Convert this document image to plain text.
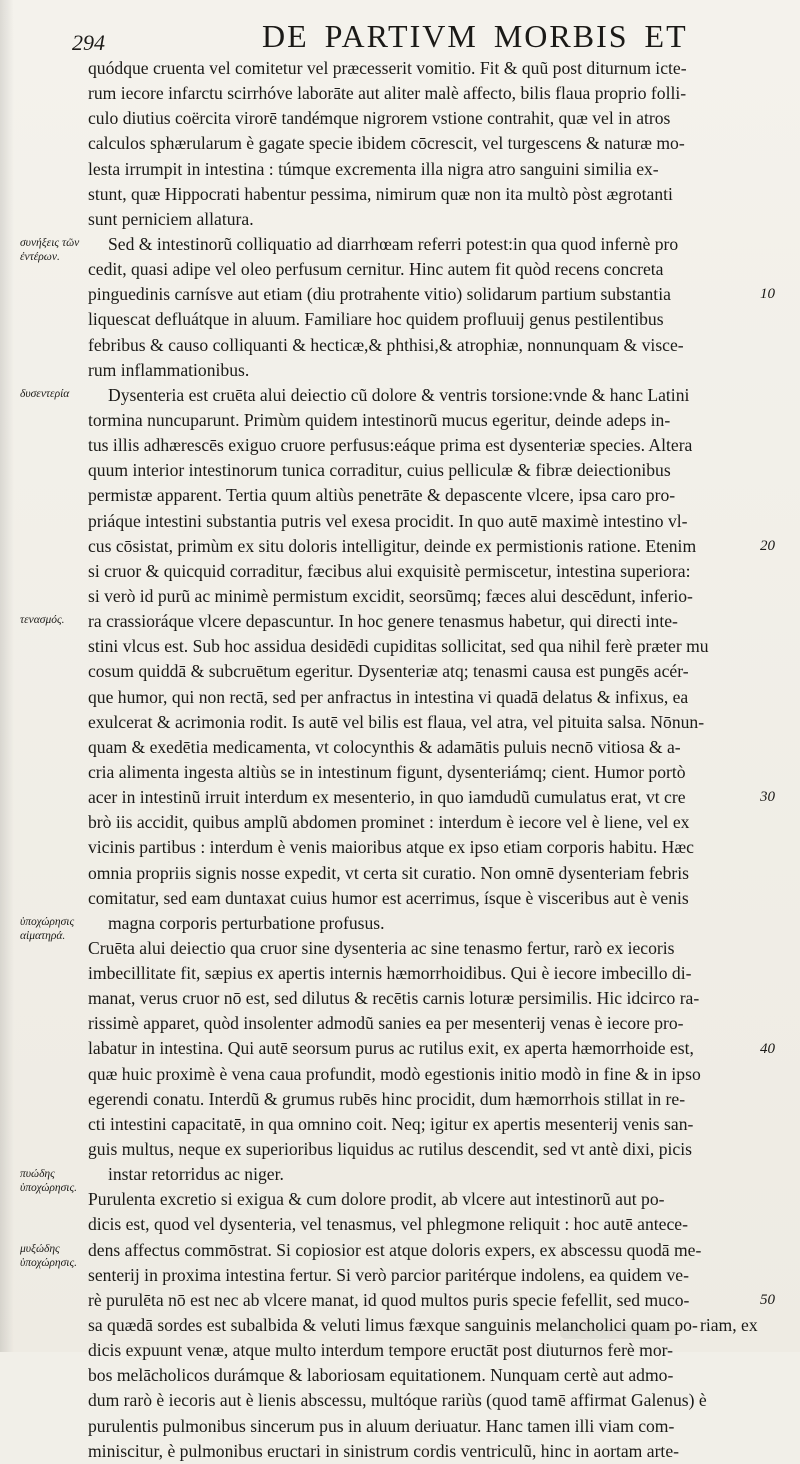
294	DE PARTIVM MORBIS ET
συνήξεις τῶν ἐντέρων.
δυσεντερία
τενασμός.
ὑποχώρησις αἱματηρά.
πυώδης ὑποχώρησις.
μυξώδης ὑποχώρησις.
quódque cruenta vel comitetur vel præcesserit vomitio. Fit & quũ post diturnum icte-
rum iecore infarctu scirrhóve laborāte aut aliter malè affecto, bilis flaua proprio folli-
culo diutius coërcita virorē tandémque nigrorem vstione contrahit, quæ vel in atros
calculos sphærularum è gagate specie ibidem cōcrescit, vel turgescens & naturæ mo-
lesta irrumpit in intestina : túmque excrementa illa nigra atro sanguini similia ex-
stunt, quæ Hippocrati habentur pessima, nimirum quæ non ita multò pòst ægrotanti
sunt perniciem allatura.
Sed & intestinorũ colliquatio ad diarrhœam referri potest:in qua quod infernè pro
cedit, quasi adipe vel oleo perfusum cernitur. Hinc autem fit quòd recens concreta
pinguedinis carnísve aut etiam (diu protrahente vitio) solidarum partium substantia
liquescat defluátque in aluum. Familiare hoc quidem profluuij genus pestilentibus
febribus & causo colliquanti & hecticæ,& phthisi,& atrophiæ, nonnunquam & visce-
rum inflammationibus.
Dysenteria est cruēta alui deiectio cũ dolore & ventris torsione:vnde & hanc Latini
tormina nuncuparunt. Primùm quidem intestinorũ mucus egeritur, deinde adeps in-
tus illis adhærescēs exiguo cruore perfusus:eáque prima est dysenteriæ species. Altera
quum interior intestinorum tunica corraditur, cuius pelliculæ & fibræ deiectionibus
permistæ apparent. Tertia quum altiùs penetrāte & depascente vlcere, ipsa caro pro-
priáque intestini substantia putris vel exesa procidit. In quo autē maximè intestino vl-
cus cōsistat, primùm ex situ doloris intelligitur, deinde ex permistionis ratione. Etenim
si cruor & quicquid corraditur, fæcibus alui exquisitè permiscetur, intestina superiora:
si verò id purũ ac minimè permistum excidit, seorsũmq; fæces alui descēdunt, inferio-
ra crassioráque vlcere depascuntur. In hoc genere tenasmus habetur, qui directi inte-
stini vlcus est. Sub hoc assidua desidēdi cupiditas sollicitat, sed qua nihil ferè præter mu
cosum quiddā & subcruētum egeritur. Dysenteriæ atq; tenasmi causa est pungēs acér-
que humor, qui non rectā, sed per anfractus in intestina vi quadā delatus & infixus, ea
exulcerat & acrimonia rodit. Is autē vel bilis est flaua, vel atra, vel pituita salsa. Nōnun-
quam & exedētia medicamenta, vt colocynthis & adamātis puluis necnō vitiosa & a-
cria alimenta ingesta altiùs se in intestinum figunt, dysenteriámq; cient. Humor portò
acer in intestinũ irruit interdum ex mesenterio, in quo iamdudũ cumulatus erat, vt cre
brò iis accidit, quibus amplũ abdomen prominet : interdum è iecore vel è liene, vel ex
vicinis partibus : interdum è venis maioribus atque ex ipso etiam corporis habitu. Hæc
omnia propriis signis nosse expedit, vt certa sit curatio. Non omnē dysenteriam febris
comitatur, sed eam duntaxat cuius humor est acerrimus, ísque è visceribus aut è venis
magna corporis perturbatione profusus.
Cruēta alui deiectio qua cruor sine dysenteria ac sine tenasmo fertur, rarò ex iecoris
imbecillitate fit, sæpius ex apertis internis hæmorrhoidibus. Qui è iecore imbecillo di-
manat, verus cruor nō est, sed dilutus & recētis carnis loturæ persimilis. Hic idcirco ra-
rissimè apparet, quòd insolenter admodũ sanies ea per mesenterij venas è iecore pro-
labatur in intestina. Qui autē seorsum purus ac rutilus exit, ex aperta hæmorrhoide est,
quæ huic proximè è vena caua profundit, modò egestionis initio modò in fine & in ipso
egerendi conatu. Interdũ & grumus rubēs hinc procidit, dum hæmorrhois stillat in re-
cti intestini capacitatē, in qua omnino coit. Neq; igitur ex apertis mesenterij venis san-
guis multus, neque ex superioribus liquidus ac rutilus descendit, sed vt antè dixi, picis
instar retorridus ac niger.
Purulenta excretio si exigua & cum dolore prodit, ab vlcere aut intestinorũ aut po-
dicis est, quod vel dysenteria, vel tenasmus, vel phlegmone reliquit : hoc autē antece-
dens affectus commōstrat. Si copiosior est atque doloris expers, ex abscessu quodā me-
senterij in proxima intestina fertur. Si verò parcior paritérque indolens, ea quidem ve-
rè purulēta nō est nec ab vlcere manat, id quod multos puris specie fefellit, sed muco-
sa quædā sordes est subalbida & veluti limus fæxque sanguinis melancholici quam po-
dicis expuunt venæ, atque multo interdum tempore eructāt post diuturnos ferè mor-
bos melācholicos durámque & laboriosam equitationem. Nunquam certè aut admo-
dum rarò è iecoris aut è lienis abscessu, multóque rariùs (quod tamē affirmat Galenus) è
purulentis pulmonibus sincerum pus in aluum deriuatur. Hanc tamen illi viam com-
miniscitur, è pulmonibus eructari in sinistrum cordis ventriculũ, hinc in aortam arte-
10
20
30
40
50
riam, ex
